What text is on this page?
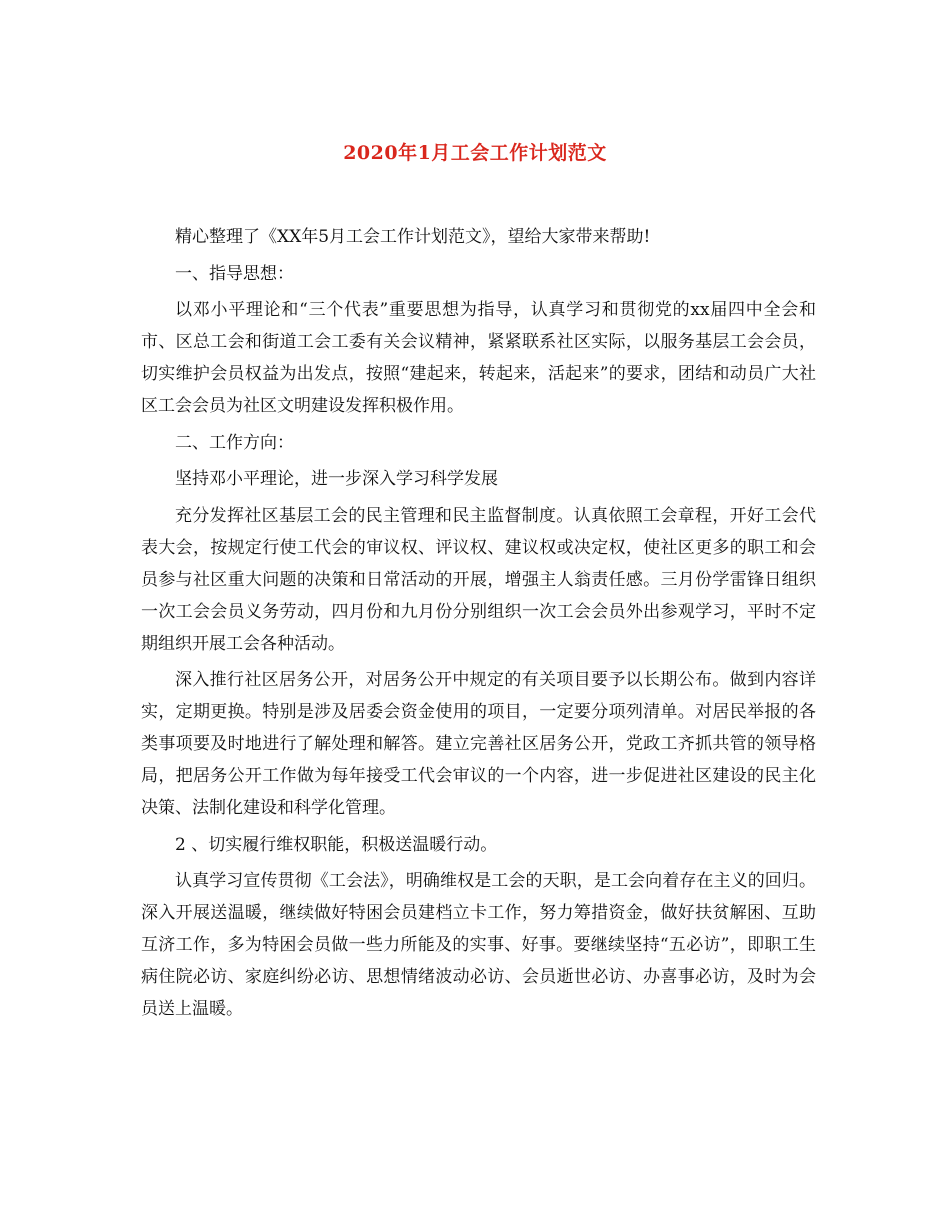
2020年1月工会工作计划范文

精心整理了《XX年5月工会工作计划范文》，望给大家带来帮助!

一、指导思想：

以邓小平理论和“三个代表”重要思想为指导，认真学习和贯彻党的xx届四中全会和市、区总工会和街道工会工委有关会议精神，紧紧联系社区实际，以服务基层工会会员，切实维护会员权益为出发点，按照“建起来，转起来，活起来”的要求，团结和动员广大社区工会会员为社区文明建设发挥积极作用。

二、工作方向：

坚持邓小平理论，进一步深入学习科学发展

充分发挥社区基层工会的民主管理和民主监督制度。认真依照工会章程，开好工会代表大会，按规定行使工代会的审议权、评议权、建议权或决定权，使社区更多的职工和会员参与社区重大问题的决策和日常活动的开展，增强主人翁责任感。三月份学雷锋日组织一次工会会员义务劳动，四月份和九月份分别组织一次工会会员外出参观学习，平时不定期组织开展工会各种活动。

深入推行社区居务公开，对居务公开中规定的有关项目要予以长期公布。做到内容详实，定期更换。特别是涉及居委会资金使用的项目，一定要分项列清单。对居民举报的各类事项要及时地进行了解处理和解答。建立完善社区居务公开，党政工齐抓共管的领导格局，把居务公开工作做为每年接受工代会审议的一个内容，进一步促进社区建设的民主化决策、法制化建设和科学化管理。

2 、切实履行维权职能，积极送温暖行动。

认真学习宣传贯彻《工会法》，明确维权是工会的天职，是工会向着存在主义的回归。深入开展送温暖，继续做好特困会员建档立卡工作，努力筹措资金，做好扶贫解困、互助互济工作，多为特困会员做一些力所能及的实事、好事。要继续坚持“五必访”，即职工生病住院必访、家庭纠纷必访、思想情绪波动必访、会员逝世必访、办喜事必访，及时为会员送上温暖。
